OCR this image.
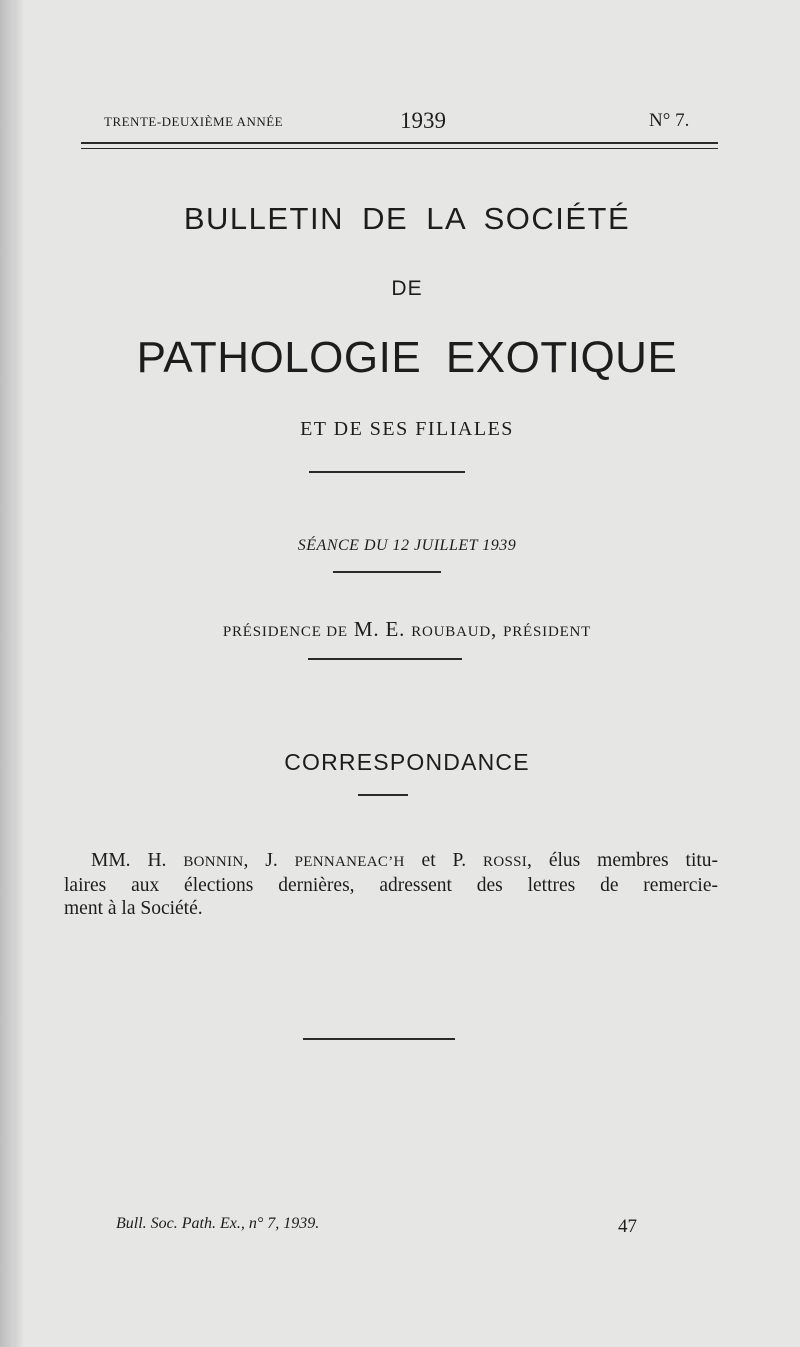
TRENTE-DEUXIÈME ANNÉE	1939	N° 7.
BULLETIN DE LA SOCIÉTÉ
DE
PATHOLOGIE EXOTIQUE
ET DE SES FILIALES
SÉANCE DU 12 JUILLET 1939
PRÉSIDENCE DE M. E. ROUBAUD, PRÉSIDENT
CORRESPONDANCE
MM. H. BONNIN, J. PENNANEAC’H et P. ROSSI, élus membres titu-
laires aux élections dernières, adressent des lettres de remercie-
ment à la Société.
Bull. Soc. Path. Ex., n° 7, 1939.	47
